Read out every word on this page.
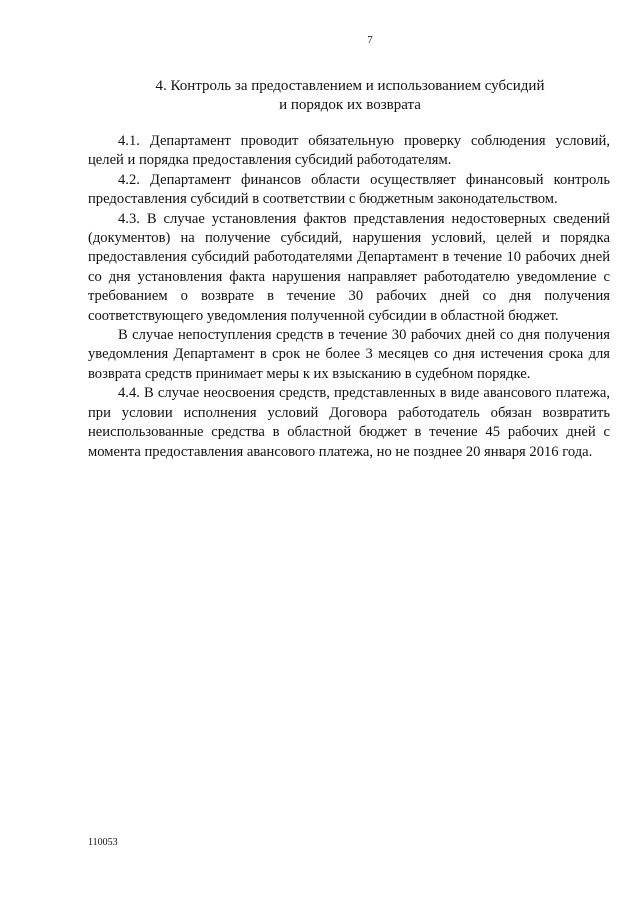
7
4. Контроль за предоставлением и использованием субсидий
и порядок их возврата

4.1. Департамент проводит обязательную проверку соблюдения условий, целей и порядка предоставления субсидий работодателям.

4.2. Департамент финансов области осуществляет финансовый контроль предоставления субсидий в соответствии с бюджетным законодательством.

4.3. В случае установления фактов представления недостоверных сведений (документов) на получение субсидий, нарушения условий, целей и порядка предоставления субсидий работодателями Департамент в течение 10 рабочих дней со дня установления факта нарушения направляет работодателю уведомление с требованием о возврате в течение 30 рабочих дней со дня получения соответствующего уведомления полученной субсидии в областной бюджет.

В случае непоступления средств в течение 30 рабочих дней со дня получения уведомления Департамент в срок не более 3 месяцев со дня истечения срока для возврата средств принимает меры к их взысканию в судебном порядке.

4.4. В случае неосвоения средств, представленных в виде авансового платежа, при условии исполнения условий Договора работодатель обязан возвратить неиспользованные средства в областной бюджет в течение 45 рабочих дней с момента предоставления авансового платежа, но не позднее 20 января 2016 года.

110053
